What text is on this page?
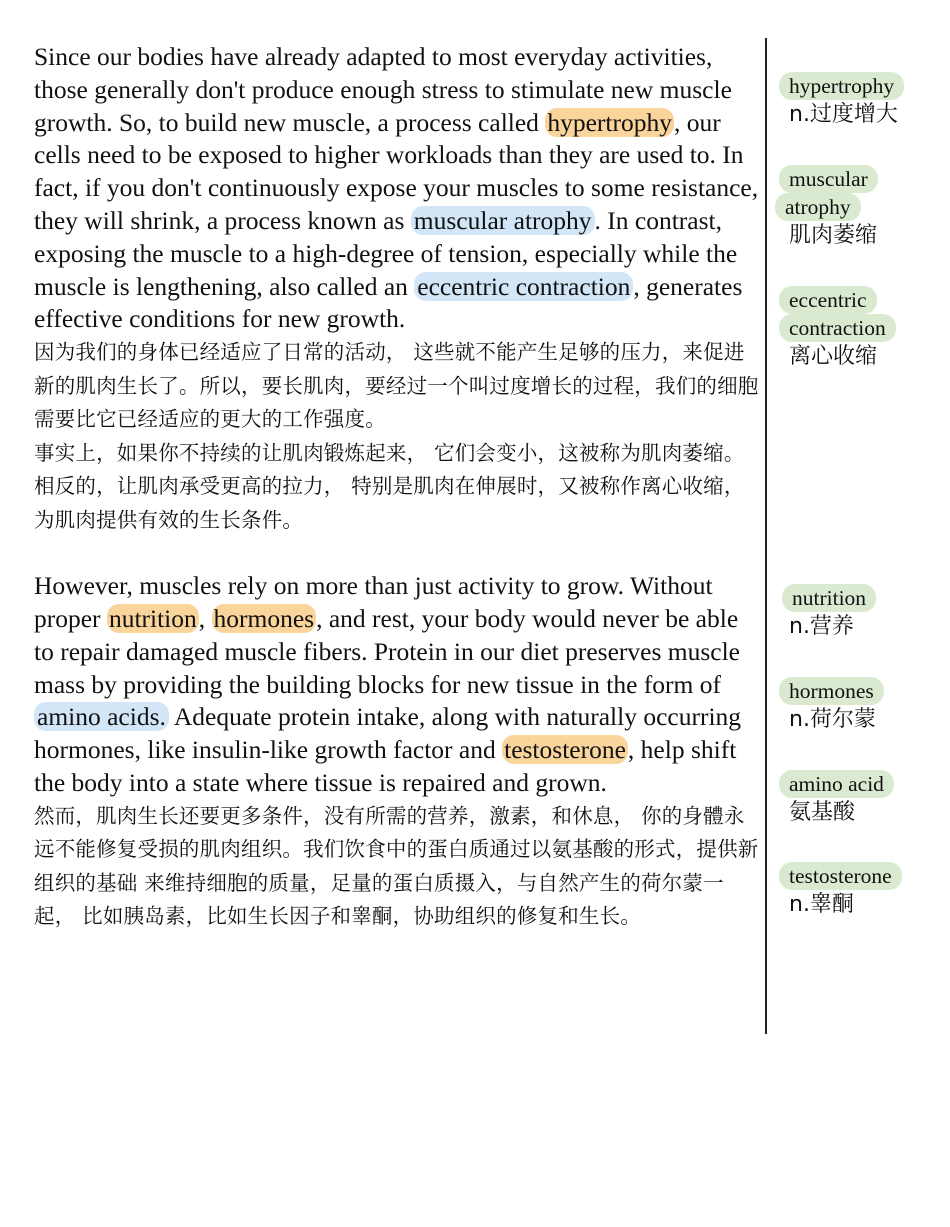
Since our bodies have already adapted to most everyday activities, those generally don't produce enough stress to stimulate new muscle growth. So, to build new muscle, a process called hypertrophy, our cells need to be exposed to higher workloads than they are used to. In fact, if you don't continuously expose your muscles to some resistance, they will shrink, a process known as muscular atrophy . In contrast, exposing the muscle to a high-degree of tension, especially while the muscle is lengthening, also called an eccentric contraction , generates effective conditions for new growth.

因为我们的身体已经适应了日常的活动， 这些就不能产生足够的压力，来促进新的肌肉生长了。所以，要长肌肉，要经过一个叫过度增长的过程，我们的细胞需要比它已经适应的更大的工作强度。

事实上，如果你不持续的让肌肉锻炼起来， 它们会变小，这被称为肌肉萎缩。相反的，让肌肉承受更高的拉力， 特别是肌肉在伸展时，又被称作离心收缩， 为肌肉提供有效的生长条件。

However, muscles rely on more than just activity to grow. Without proper nutrition, hormones, and rest, your body would never be able to repair damaged muscle fibers. Protein in our diet preserves muscle mass by providing the building blocks for new tissue in the form of amino acids. Adequate protein intake, along with naturally occurring hormones, like insulin-like growth factor and testosterone, help shift the body into a state where tissue is repaired and grown.

然而，肌肉生长还要更多条件，没有所需的营养，激素，和休息， 你的身體永远不能修复受损的肌肉组织。我们饮食中的蛋白质通过以氨基酸的形式，提供新组织的基础 来维持细胞的质量，足量的蛋白质摄入，与自然产生的荷尔蒙一起， 比如胰岛素，比如生长因子和睾酮，协助组织的修复和生长。

hypertrophy
n.过度增大
muscular
atrophy
肌肉萎缩
eccentric
contraction
离心收缩
nutrition
n.营养
hormones
n.荷尔蒙
amino acid
氨基酸
testosterone
n.睾酮
